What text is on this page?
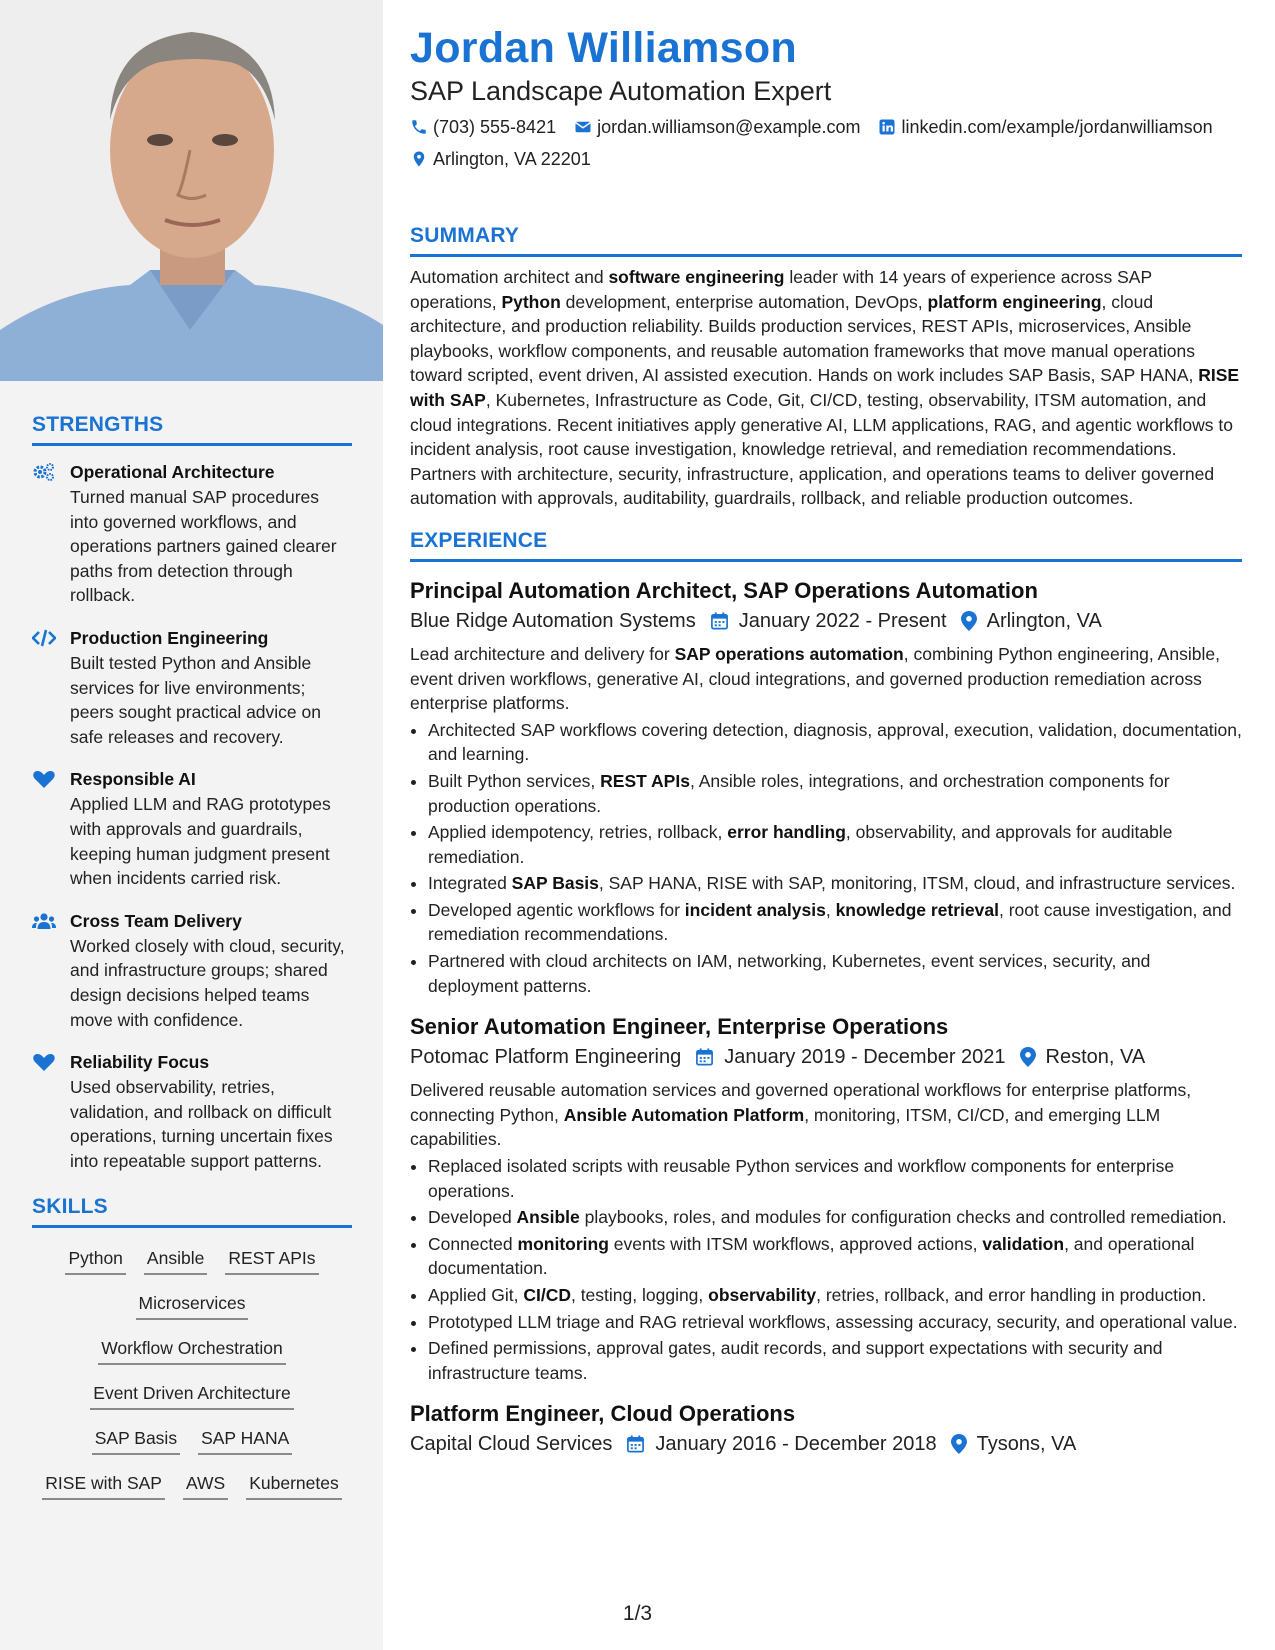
STRENGTHS
Operational Architecture
Turned manual SAP procedures into governed workflows, and operations partners gained clearer paths from detection through rollback.
Production Engineering
Built tested Python and Ansible services for live environments; peers sought practical advice on safe releases and recovery.
Responsible AI
Applied LLM and RAG prototypes with approvals and guardrails, keeping human judgment present when incidents carried risk.
Cross Team Delivery
Worked closely with cloud, security, and infrastructure groups; shared design decisions helped teams move with confidence.
Reliability Focus
Used observability, retries, validation, and rollback on difficult operations, turning uncertain fixes into repeatable support patterns.
SKILLS
Python Ansible REST APIs
Microservices
Workflow Orchestration
Event Driven Architecture
SAP Basis SAP HANA
RISE with SAP AWS Kubernetes
Jordan Williamson
SAP Landscape Automation Expert
(703) 555-8421 jordan.williamson@example.com linkedin.com/example/jordanwilliamson
Arlington, VA 22201
SUMMARY
Automation architect and software engineering leader with 14 years of experience across SAP operations, Python development, enterprise automation, DevOps, platform engineering, cloud architecture, and production reliability. Builds production services, REST APIs, microservices, Ansible playbooks, workflow components, and reusable automation frameworks that move manual operations toward scripted, event driven, AI assisted execution. Hands on work includes SAP Basis, SAP HANA, RISE with SAP, Kubernetes, Infrastructure as Code, Git, CI/CD, testing, observability, ITSM automation, and cloud integrations. Recent initiatives apply generative AI, LLM applications, RAG, and agentic workflows to incident analysis, root cause investigation, knowledge retrieval, and remediation recommendations. Partners with architecture, security, infrastructure, application, and operations teams to deliver governed automation with approvals, auditability, guardrails, rollback, and reliable production outcomes.
EXPERIENCE
Principal Automation Architect, SAP Operations Automation
Blue Ridge Automation Systems January 2022 - Present Arlington, VA
Lead architecture and delivery for SAP operations automation, combining Python engineering, Ansible, event driven workflows, generative AI, cloud integrations, and governed production remediation across enterprise platforms.
• Architected SAP workflows covering detection, diagnosis, approval, execution, validation, documentation, and learning.
• Built Python services, REST APIs, Ansible roles, integrations, and orchestration components for production operations.
• Applied idempotency, retries, rollback, error handling, observability, and approvals for auditable remediation.
• Integrated SAP Basis, SAP HANA, RISE with SAP, monitoring, ITSM, cloud, and infrastructure services.
• Developed agentic workflows for incident analysis, knowledge retrieval, root cause investigation, and remediation recommendations.
• Partnered with cloud architects on IAM, networking, Kubernetes, event services, security, and deployment patterns.
Senior Automation Engineer, Enterprise Operations
Potomac Platform Engineering January 2019 - December 2021 Reston, VA
Delivered reusable automation services and governed operational workflows for enterprise platforms, connecting Python, Ansible Automation Platform, monitoring, ITSM, CI/CD, and emerging LLM capabilities.
• Replaced isolated scripts with reusable Python services and workflow components for enterprise operations.
• Developed Ansible playbooks, roles, and modules for configuration checks and controlled remediation.
• Connected monitoring events with ITSM workflows, approved actions, validation, and operational documentation.
• Applied Git, CI/CD, testing, logging, observability, retries, rollback, and error handling in production.
• Prototyped LLM triage and RAG retrieval workflows, assessing accuracy, security, and operational value.
• Defined permissions, approval gates, audit records, and support expectations with security and infrastructure teams.
Platform Engineer, Cloud Operations
Capital Cloud Services January 2016 - December 2018 Tysons, VA
1/3
